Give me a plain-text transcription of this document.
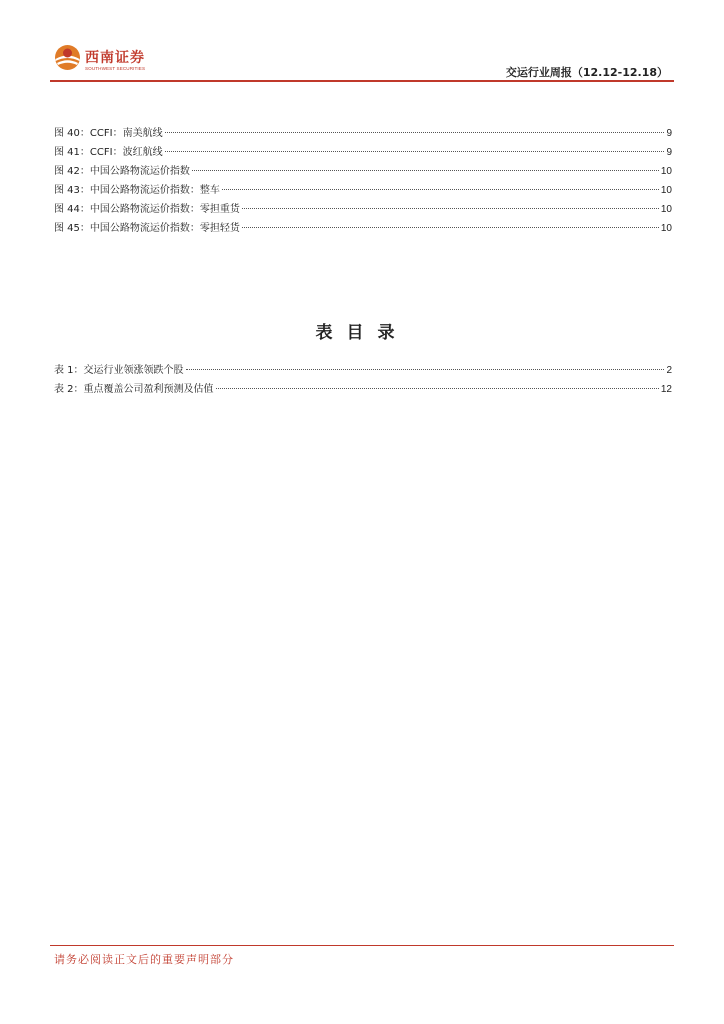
西南证券
SOUTHWEST SECURITIES	交运行业周报（12.12-12.18）
图 40：CCFI：南美航线	9
图 41：CCFI：波红航线	9
图 42：中国公路物流运价指数	10
图 43：中国公路物流运价指数：整车	10
图 44：中国公路物流运价指数：零担重货	10
图 45：中国公路物流运价指数：零担轻货	10
表目录
表 1：交运行业领涨领跌个股	2
表 2：重点覆盖公司盈利预测及估值	12
请务必阅读正文后的重要声明部分
